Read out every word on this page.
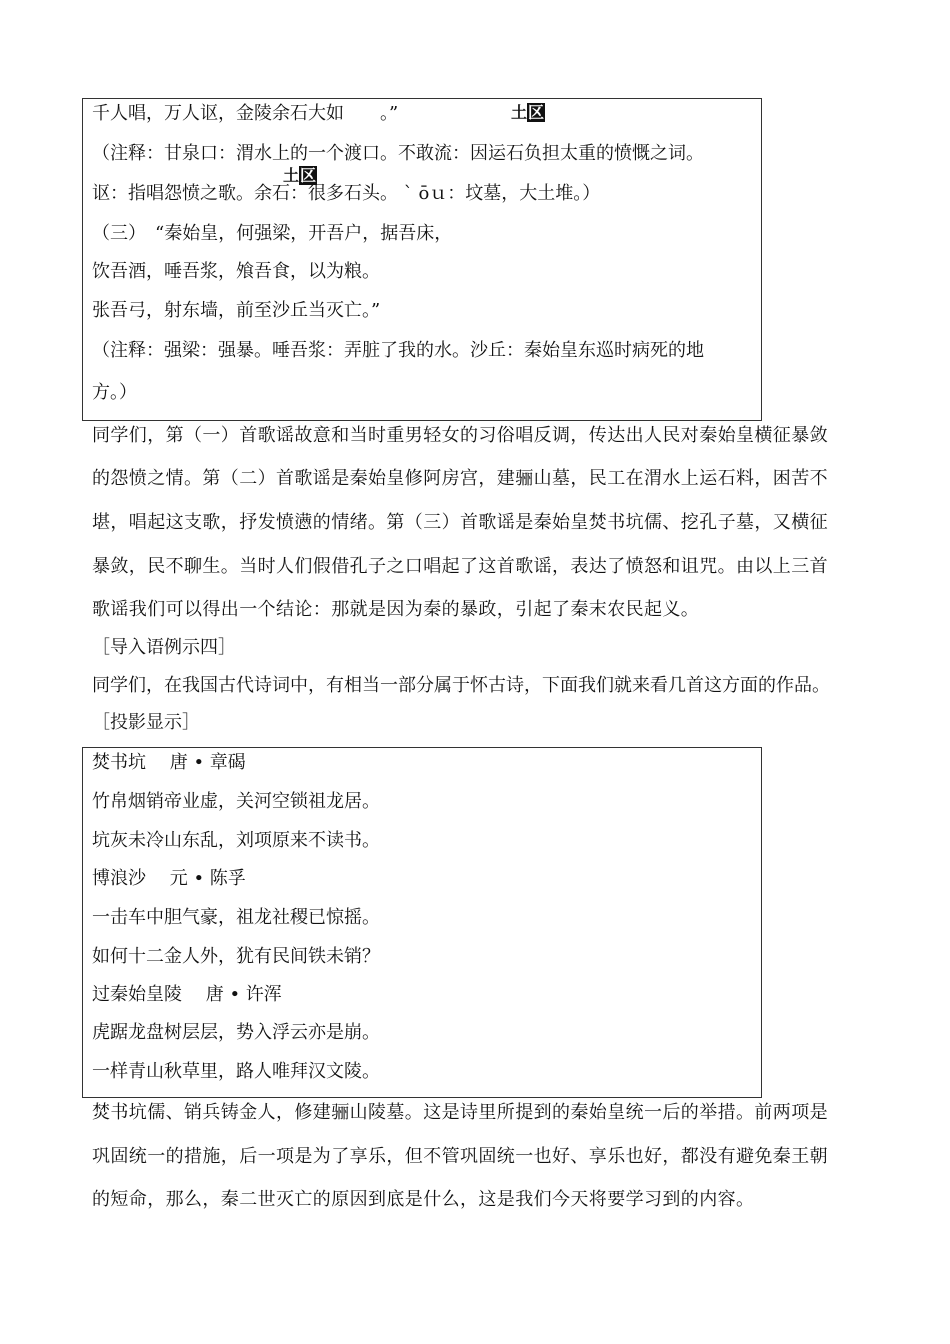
土区
土区
千人唱，万人讴，金陵余石大如　　。”
（注释：甘泉口：渭水上的一个渡口。不敢流：因运石负担太重的愤慨之词。
讴：指唱怨愤之歌。余石：很多石头。 ˋ ōｕ：坟墓，大土堆。）
（三）　“秦始皇，何强梁，开吾户，据吾床，
饮吾酒，唾吾浆，飧吾食，以为粮。
张吾弓，射东墙，前至沙丘当灭亡。”
（注释：强梁：强暴。唾吾浆：弄脏了我的水。沙丘：秦始皇东巡时病死的地
方。）
同学们，第（一）首歌谣故意和当时重男轻女的习俗唱反调，传达出人民对秦始皇横征暴敛
的怨愤之情。第（二）首歌谣是秦始皇修阿房宫，建骊山墓，民工在渭水上运石料，困苦不
堪，唱起这支歌，抒发愤懑的情绪。第（三）首歌谣是秦始皇焚书坑儒、挖孔子墓，又横征
暴敛，民不聊生。当时人们假借孔子之口唱起了这首歌谣，表达了愤怒和诅咒。由以上三首
歌谣我们可以得出一个结论：那就是因为秦的暴政，引起了秦末农民起义。
［导入语例示四］
同学们，在我国古代诗词中，有相当一部分属于怀古诗，下面我们就来看几首这方面的作品。
［投影显示］
焚书坑　 唐 • 章碣
竹帛烟销帝业虚，关河空锁祖龙居。
坑灰未冷山东乱，刘项原来不读书。
博浪沙　 元 • 陈孚
一击车中胆气豪，祖龙社稷已惊摇。
如何十二金人外，犹有民间铁未销？
过秦始皇陵　 唐 • 许浑
虎踞龙盘树层层，势入浮云亦是崩。
一样青山秋草里，路人唯拜汉文陵。
焚书坑儒、销兵铸金人，修建骊山陵墓。这是诗里所提到的秦始皇统一后的举措。前两项是
巩固统一的措施，后一项是为了享乐，但不管巩固统一也好、享乐也好，都没有避免秦王朝
的短命，那么，秦二世灭亡的原因到底是什么，这是我们今天将要学习到的内容。
